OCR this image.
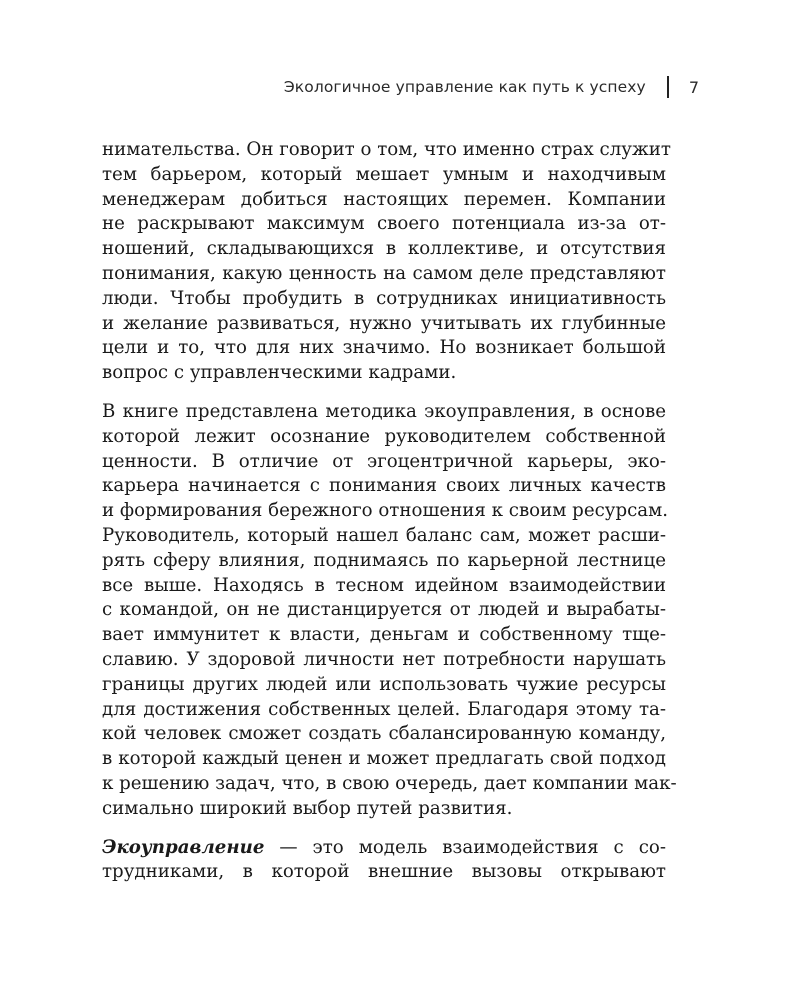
Экологичное управление как путь к успеху	7
нимательства. Он говорит о том, что именно страх служит
тем барьером, который мешает умным и находчивым
менеджерам добиться настоящих перемен. Компании
не раскрывают максимум своего потенциала из-за от-
ношений, складывающихся в коллективе, и отсутствия
понимания, какую ценность на самом деле представляют
люди. Чтобы пробудить в сотрудниках инициативность
и желание развиваться, нужно учитывать их глубинные
цели и то, что для них значимо. Но возникает большой
вопрос с управленческими кадрами.
В книге представлена методика экоуправления, в основе
которой лежит осознание руководителем собственной
ценности. В отличие от эгоцентричной карьеры, эко-
карьера начинается с понимания своих личных качеств
и формирования бережного отношения к своим ресурсам.
Руководитель, который нашел баланс сам, может расши-
рять сферу влияния, поднимаясь по карьерной лестнице
все выше. Находясь в тесном идейном взаимодействии
с командой, он не дистанцируется от людей и вырабаты-
вает иммунитет к власти, деньгам и собственному тще-
славию. У здоровой личности нет потребности нарушать
границы других людей или использовать чужие ресурсы
для достижения собственных целей. Благодаря этому та-
кой человек сможет создать сбалансированную команду,
в которой каждый ценен и может предлагать свой подход
к решению задач, что, в свою очередь, дает компании мак-
симально широкий выбор путей развития.
Экоуправление — это модель взаимодействия с со-
трудниками, в которой внешние вызовы открывают
